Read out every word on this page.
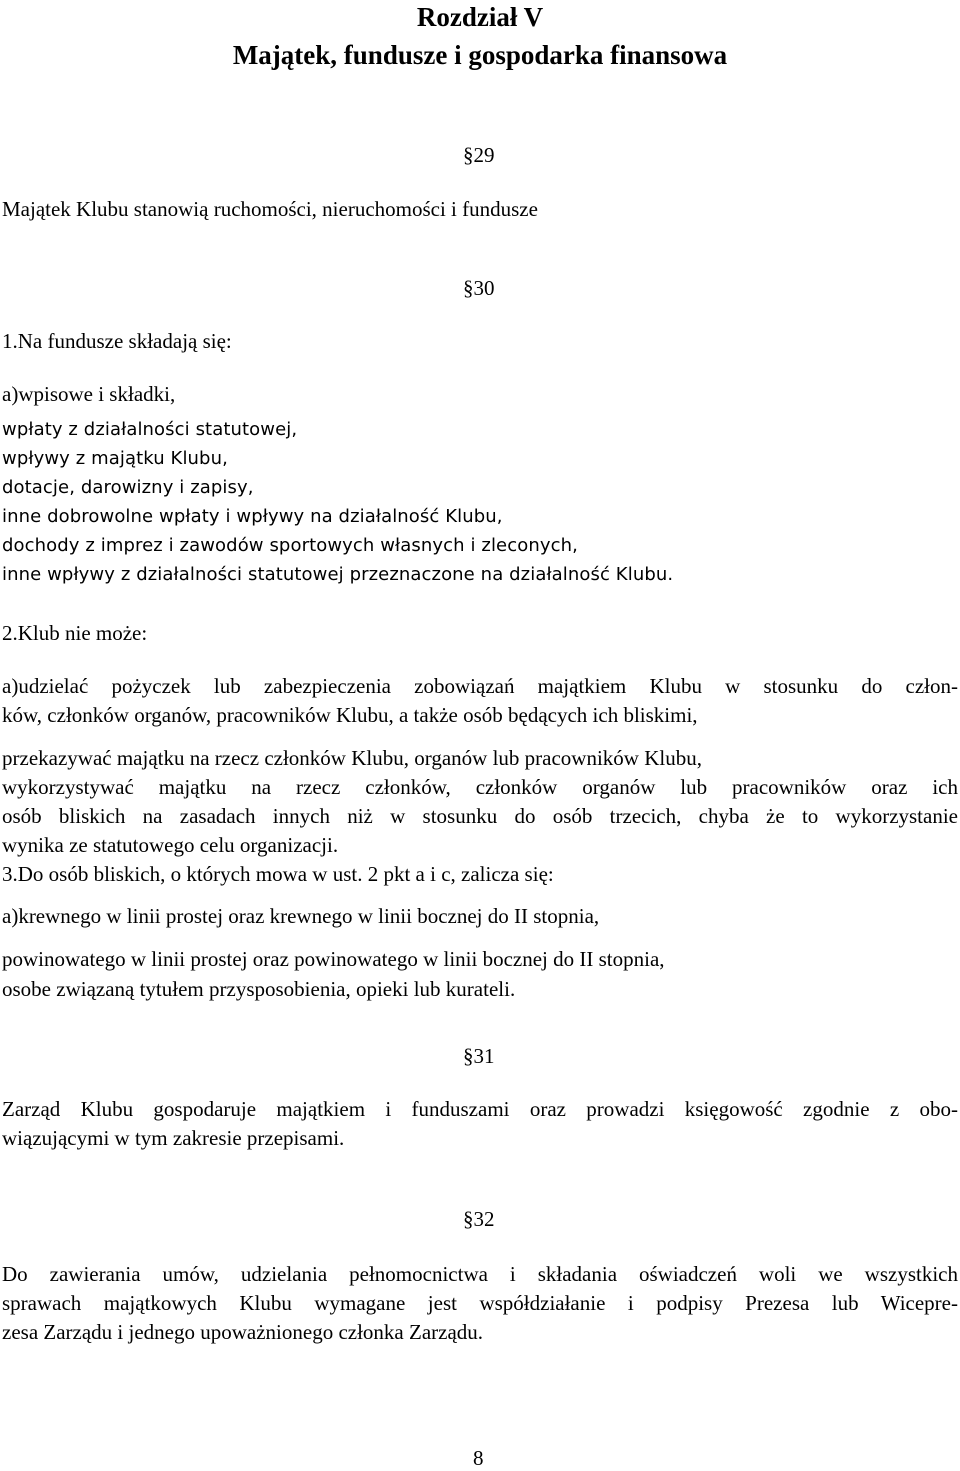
Rozdział V
Majątek, fundusze i gospodarka finansowa
§29
Majątek Klubu stanowią ruchomości, nieruchomości i fundusze
§30
1.Na fundusze składają się:
a)wpisowe i składki,
wpłaty z działalności statutowej,
wpływy z majątku Klubu,
dotacje, darowizny i zapisy,
inne dobrowolne wpłaty i wpływy na działalność Klubu,
dochody z imprez i zawodów sportowych własnych i zleconych,
inne wpływy z działalności statutowej przeznaczone na działalność Klubu.
2.Klub nie może:
a)udzielać pożyczek lub zabezpieczenia zobowiązań majątkiem Klubu w stosunku do człon-
ków, członków organów, pracowników Klubu, a także osób będących ich bliskimi,
przekazywać majątku na rzecz członków Klubu, organów lub pracowników Klubu,
wykorzystywać majątku na rzecz członków, członków organów lub pracowników oraz ich
osób bliskich na zasadach innych niż w stosunku do osób trzecich, chyba że to wykorzystanie
wynika ze statutowego celu organizacji.
3.Do osób bliskich, o których mowa w ust. 2 pkt a i c, zalicza się:
a)krewnego w linii prostej oraz krewnego w linii bocznej do II stopnia,
powinowatego w linii prostej oraz powinowatego w linii bocznej do II stopnia,
osobe związaną tytułem przysposobienia, opieki lub kurateli.
§31
Zarząd Klubu gospodaruje majątkiem i funduszami oraz prowadzi księgowość zgodnie z obo-
wiązującymi w tym zakresie przepisami.
§32
Do zawierania umów, udzielania pełnomocnictwa i składania oświadczeń woli we wszystkich
sprawach majątkowych Klubu wymagane jest współdziałanie i podpisy Prezesa lub Wicepre-
zesa Zarządu i jednego upoważnionego członka Zarządu.
8
